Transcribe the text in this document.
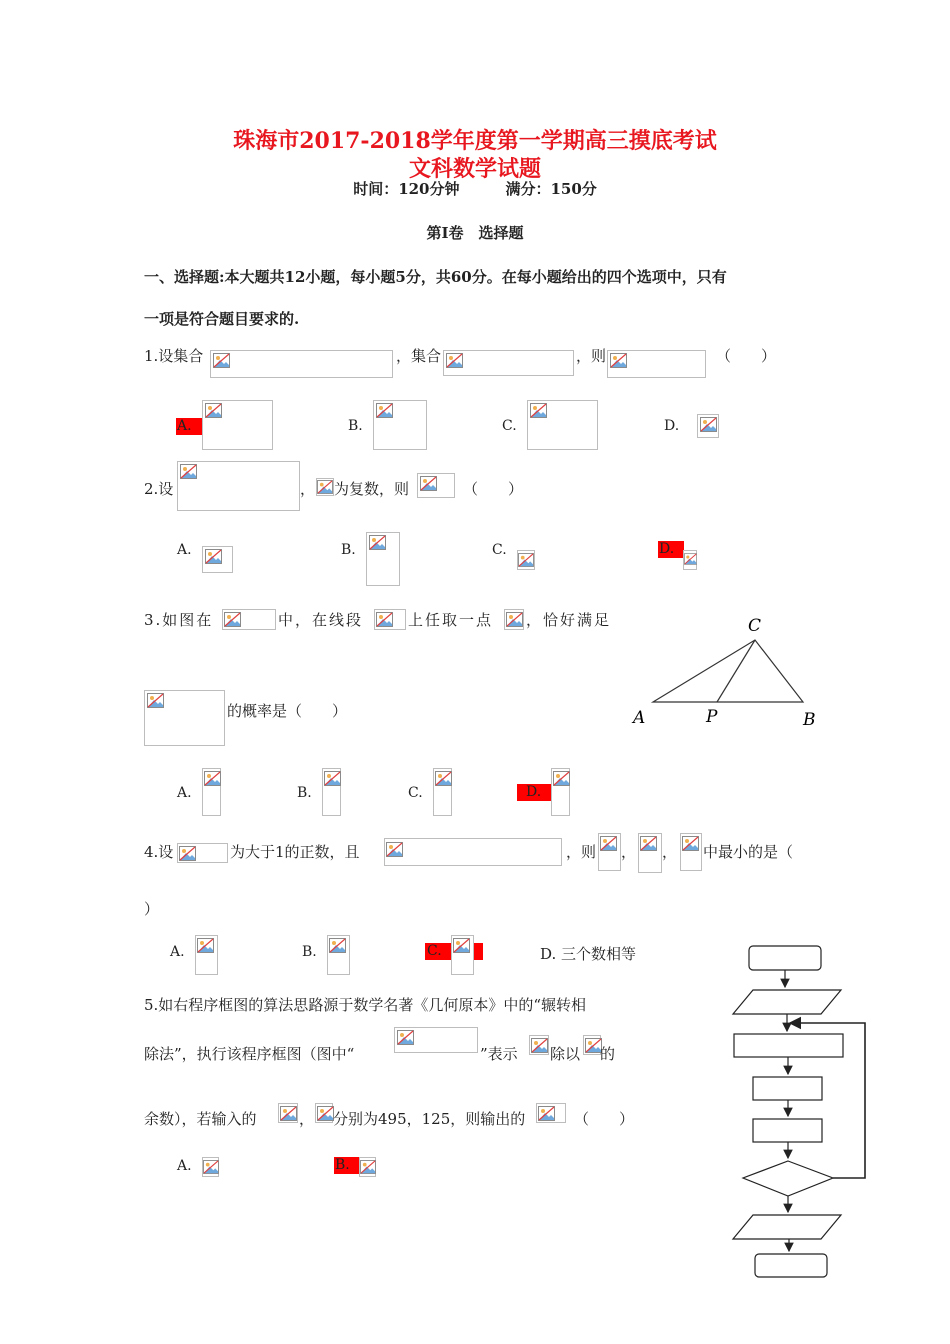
珠海市2017-2018学年度第一学期高三摸底考试
文科数学试题
时间：120分钟	满分：150分
第Ⅰ卷　选择题
一、选择题:本大题共12小题，每小题5分，共60分。在每小题给出的四个选项中，只有
一项是符合题目要求的.
1.设集合	，集合	，则	（　　）
A.	B.	C.	D.
2.设	， 为复数，则	（　　）
A.	B.	C.	D.
3.如图在	中，在线段	上任取一点 ，恰好满足
的概率是（　　）
C
A	P	B
A.	B.	C.	D.
4.设	为大于1的正数，且	，则 ， ， 中最小的是（
）
A.	B.	C.	D. 三个数相等
5.如右程序框图的算法思路源于数学名著《几何原本》中的“辗转相
除法”，执行该程序框图（图中“	”表示 除以 的
余数），若输入的	， 分别为495，125，则输出的	（　　）
A.	B.
